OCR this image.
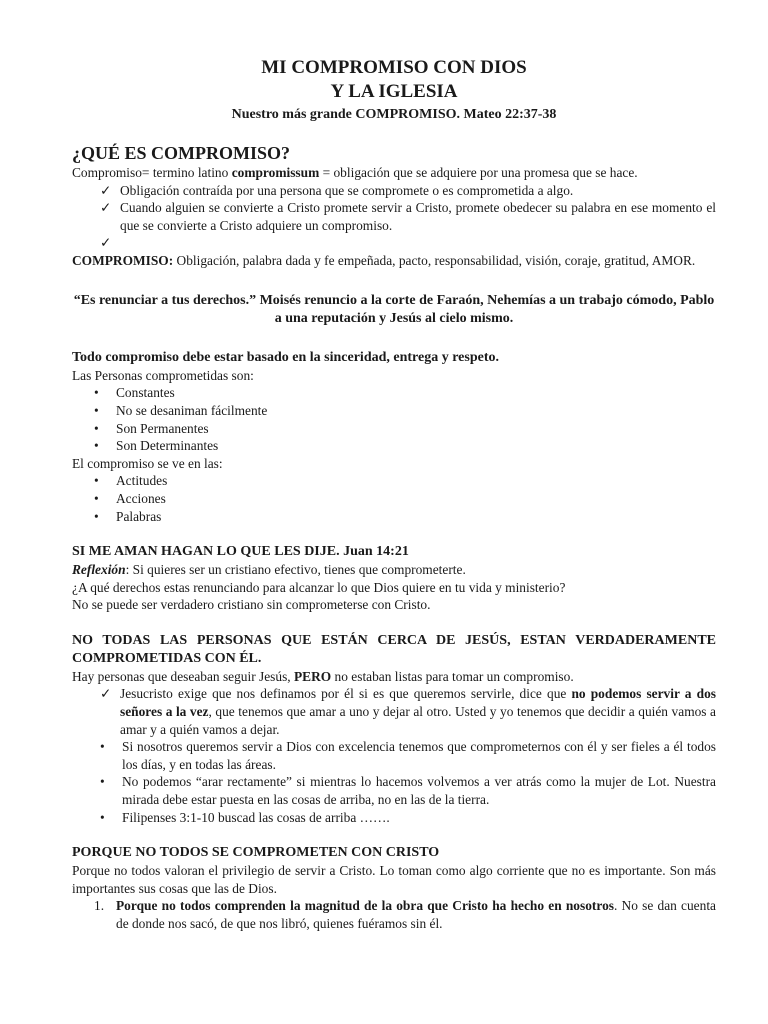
MI COMPROMISO CON DIOS

Y LA IGLESIA

Nuestro más grande COMPROMISO. Mateo 22:37-38

¿QUÉ ES COMPROMISO?

Compromiso= termino latino compromissum = obligación que se adquiere por una promesa que se hace.

✓ Obligación contraída por una persona que se compromete o es comprometida a algo.
✓ Cuando alguien se convierte a Cristo promete servir a Cristo, promete obedecer su palabra en ese momento el que se convierte a Cristo adquiere un compromiso.
✓

COMPROMISO: Obligación, palabra dada y fe empeñada, pacto, responsabilidad, visión, coraje, gratitud, AMOR.

“Es renunciar a tus derechos.” Moisés renuncio a la corte de Faraón, Nehemías a un trabajo cómodo, Pablo a una reputación y Jesús al cielo mismo.

Todo compromiso debe estar basado en la sinceridad, entrega y respeto.

Las Personas comprometidas son:

• Constantes
• No se desaniman fácilmente
• Son Permanentes
• Son Determinantes

El compromiso se ve en las:

• Actitudes
• Acciones
• Palabras

SI ME AMAN HAGAN LO QUE LES DIJE. Juan 14:21

Reflexión: Si quieres ser un cristiano efectivo, tienes que comprometerte.

¿A qué derechos estas renunciando para alcanzar lo que Dios quiere en tu vida y ministerio?

No se puede ser verdadero cristiano sin comprometerse con Cristo.

NO TODAS LAS PERSONAS QUE ESTÁN CERCA DE JESÚS, ESTAN VERDADERAMENTE COMPROMETIDAS CON ÉL.

Hay personas que deseaban seguir Jesús, PERO no estaban listas para tomar un compromiso.

✓ Jesucristo exige que nos definamos por él si es que queremos servirle, dice que no podemos servir a dos señores a la vez, que tenemos que amar a uno y dejar al otro. Usted y yo tenemos que decidir a quién vamos a amar y a quién vamos a dejar.
• Si nosotros queremos servir a Dios con excelencia tenemos que comprometernos con él y ser fieles a él todos los días, y en todas las áreas.
• No podemos “arar rectamente” si mientras lo hacemos volvemos a ver atrás como la mujer de Lot. Nuestra mirada debe estar puesta en las cosas de arriba, no en las de la tierra.
• Filipenses 3:1-10 buscad las cosas de arriba …….

PORQUE NO TODOS SE COMPROMETEN CON CRISTO

Porque no todos valoran el privilegio de servir a Cristo. Lo toman como algo corriente que no es importante. Son más importantes sus cosas que las de Dios.

1. Porque no todos comprenden la magnitud de la obra que Cristo ha hecho en nosotros. No se dan cuenta de donde nos sacó, de que nos libró, quienes fuéramos sin él.
